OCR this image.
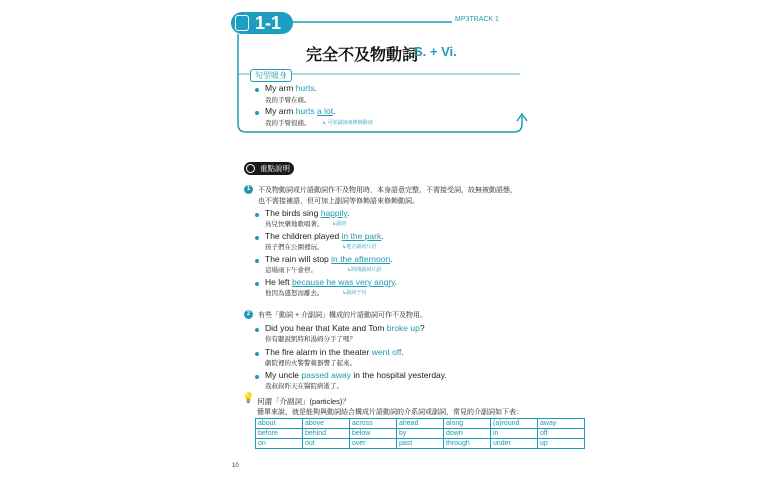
1-1	MP3TRACK 1
完全不及物動詞
S. + Vi.
句型暖身
My arm hurts.
我的手臂在痛。
My arm hurts a lot.
我的手臂很痛。 ↳ 可加副詞來修飾動詞
重點說明
1	不及物動詞或片語動詞作不及物用時，本身語意完整，不需接受詞，故無被動語態，
也不需接補語，但可加上副詞等修飾語來修飾動詞。
The birds sing happily.
鳥兒快樂地歌唱著。 ↳副詞
The children played in the park.
孩子們在公園裡玩。	↳地方副詞片語
The rain will stop in the afternoon.
這場雨下午會停。	↳時間副詞片語
He left because he was very angry.
他因為盛怒而離去。	↳副詞子句
2	有些「動詞 + 介副詞」構成的片語動詞可作不及物用。
Did you hear that Kate and Tom broke up?
你有聽說凱特和湯姆分手了嗎？
The fire alarm in the theater went off.
劇院裡的火警警報器響了起來。
My uncle passed away in the hospital yesterday.
我叔叔昨天在醫院病逝了。
💡 何謂「介副詞」(particles)？
簡單來說，就是能夠與動詞結合構成片語動詞的介系詞或副詞，常見的介副詞如下表：
about	above	across	ahead	along	(a)round	away
before	behind	below	by	down	in	off
on	out	over	past	through	under	up
10
